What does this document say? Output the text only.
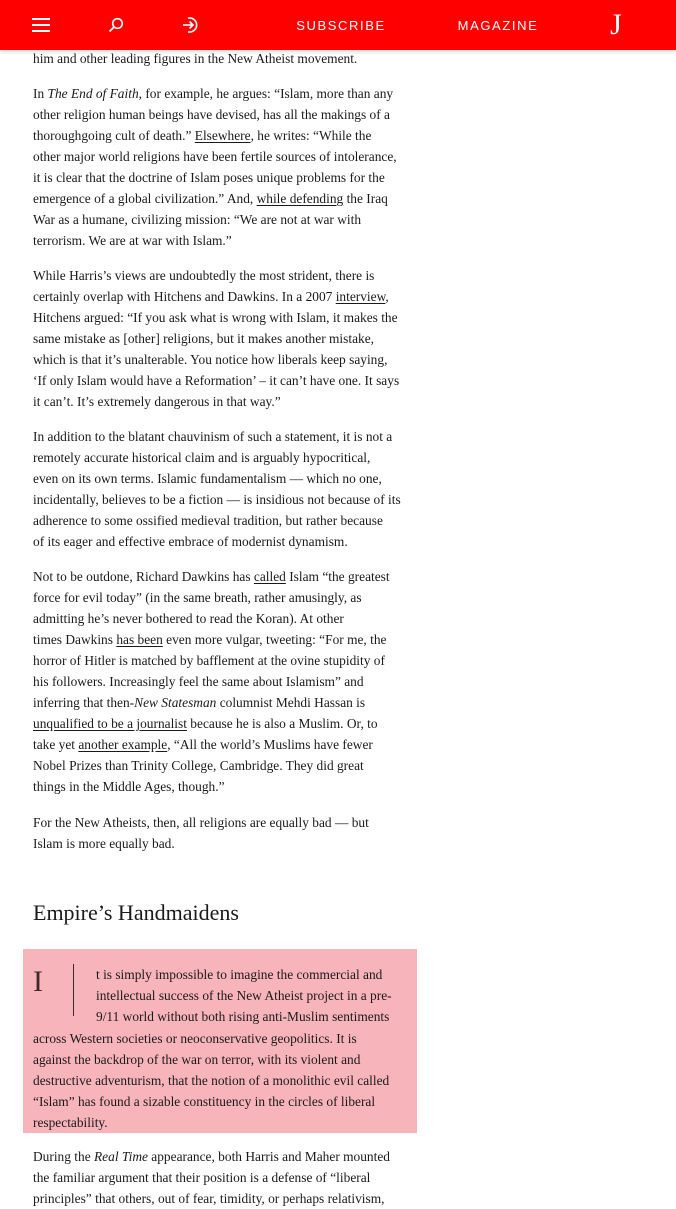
SUBSCRIBE	MAGAZINE J
him and other leading figures in the New Atheist movement.
In The End of Faith, for example, he argues: “Islam, more than any
other religion human beings have devised, has all the makings of a
thoroughgoing cult of death.” Elsewhere, he writes: “While the
other major world religions have been fertile sources of intolerance,
it is clear that the doctrine of Islam poses unique problems for the
emergence of a global civilization.” And, while defending the Iraq
War as a humane, civilizing mission: “We are not at war with
terrorism. We are at war with Islam.”
While Harris’s views are undoubtedly the most strident, there is
certainly overlap with Hitchens and Dawkins. In a 2007 interview,
Hitchens argued: “If you ask what is wrong with Islam, it makes the
same mistake as [other] religions, but it makes another mistake,
which is that it’s unalterable. You notice how liberals keep saying,
‘If only Islam would have a Reformation’ – it can’t have one. It says
it can’t. It’s extremely dangerous in that way.”
In addition to the blatant chauvinism of such a statement, it is not a
remotely accurate historical claim and is arguably hypocritical,
even on its own terms. Islamic fundamentalism — which no one,
incidentally, believes to be a fiction — is insidious not because of its
adherence to some ossified medieval tradition, but rather because
of its eager and effective embrace of modernist dynamism.
Not to be outdone, Richard Dawkins has called Islam “the greatest
force for evil today” (in the same breath, rather amusingly, as
admitting he’s never bothered to read the Koran). At other
times Dawkins has been even more vulgar, tweeting: “For me, the
horror of Hitler is matched by bafflement at the ovine stupidity of
his followers. Increasingly feel the same about Islamism” and
inferring that then-New Statesman columnist Mehdi Hassan is
unqualified to be a journalist because he is also a Muslim. Or, to
take yet another example, “All the world’s Muslims have fewer
Nobel Prizes than Trinity College, Cambridge. They did great
things in the Middle Ages, though.”
For the New Atheists, then, all religions are equally bad — but
Islam is more equally bad.
t is simply impossible to imagine the commercial and
intellectual success of the New Atheist project in a pre-
9/11 world without both rising anti-Muslim sentiments
across Western societies or neoconservative geopolitics. It is
against the backdrop of the war on terror, with its violent and
destructive adventurism, that the notion of a monolithic evil called
“Islam” has found a sizable constituency in the circles of liberal
respectability.
During the Real Time appearance, both Harris and Maher mounted
the familiar argument that their position is a defense of “liberal
principles” that others, out of fear, timidity, or perhaps relativism,
Empire’s Handmaidens
I
